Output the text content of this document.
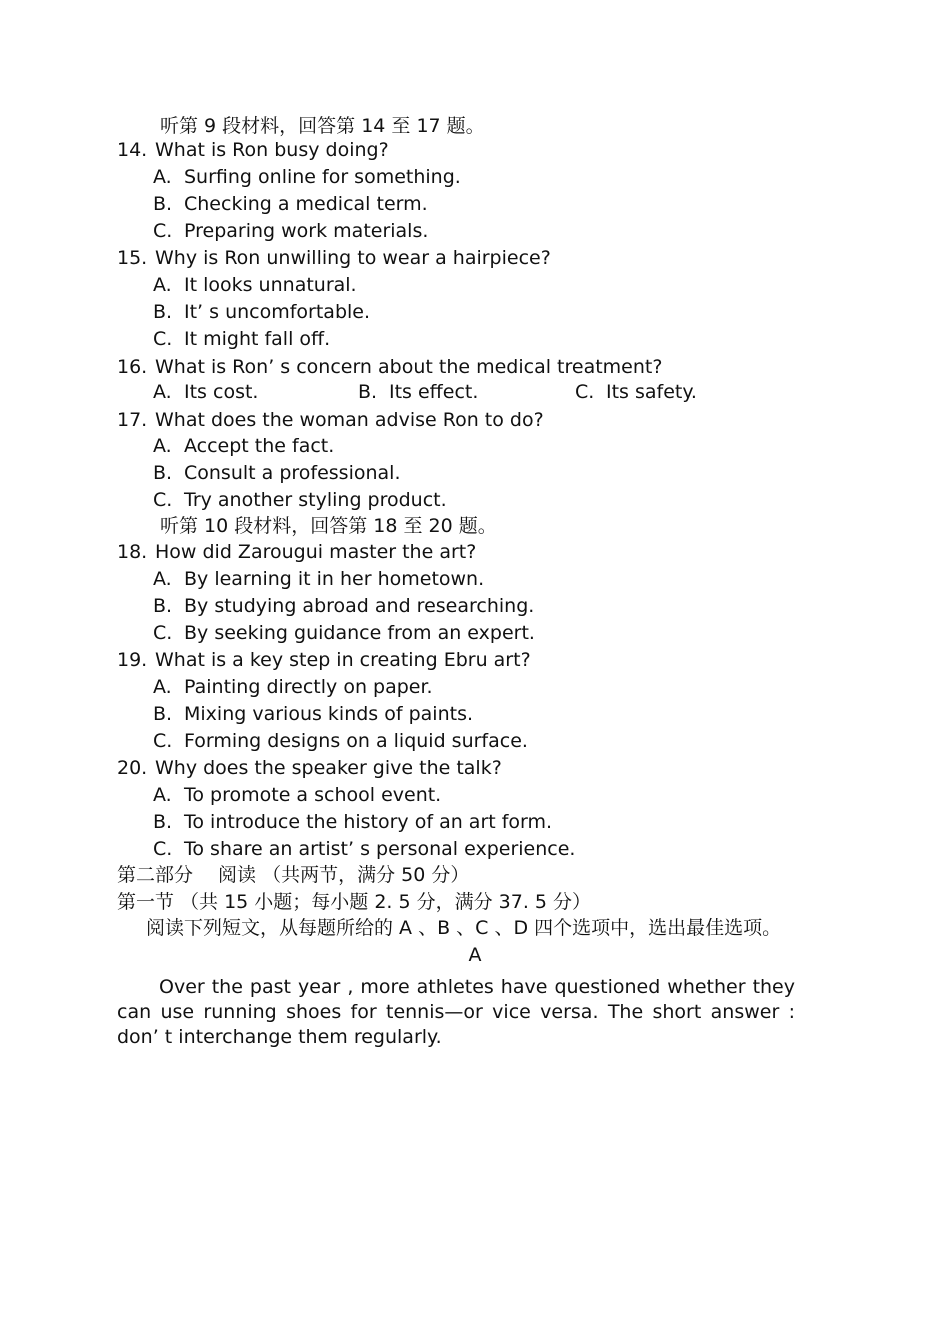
听第 9 段材料，回答第 14 至 17 题。
14. What is Ron busy doing?
A. Surfing online for something.
B. Checking a medical term.
C. Preparing work materials.
15. Why is Ron unwilling to wear a hairpiece?
A. It looks unnatural.
B. It’ s uncomfortable.
C. It might fall off.
16. What is Ron’ s concern about the medical treatment?
A. Its cost.	B. Its effect.	C. Its safety.
17. What does the woman advise Ron to do?
A. Accept the fact.
B. Consult a professional.
C. Try another styling product.
听第 10 段材料，回答第 18 至 20 题。
18. How did Zarougui master the art?
A. By learning it in her hometown.
B. By studying abroad and researching.
C. By seeking guidance from an expert.
19. What is a key step in creating Ebru art?
A. Painting directly on paper.
B. Mixing various kinds of paints.
C. Forming designs on a liquid surface.
20. Why does the speaker give the talk?
A. To promote a school event.
B. To introduce the history of an art form.
C. To share an artist’ s personal experience.
第二部分　 阅读 （共两节，满分 50 分）
第一节 （共 15 小题；每小题 2. 5 分，满分 37. 5 分）
阅读下列短文，从每题所给的 A 、B 、C 、D 四个选项中，选出最佳选项。
A
Over the past year , more athletes have questioned whether they can use running shoes for tennis—or vice versa. The short answer : don’ t interchange them regularly.
